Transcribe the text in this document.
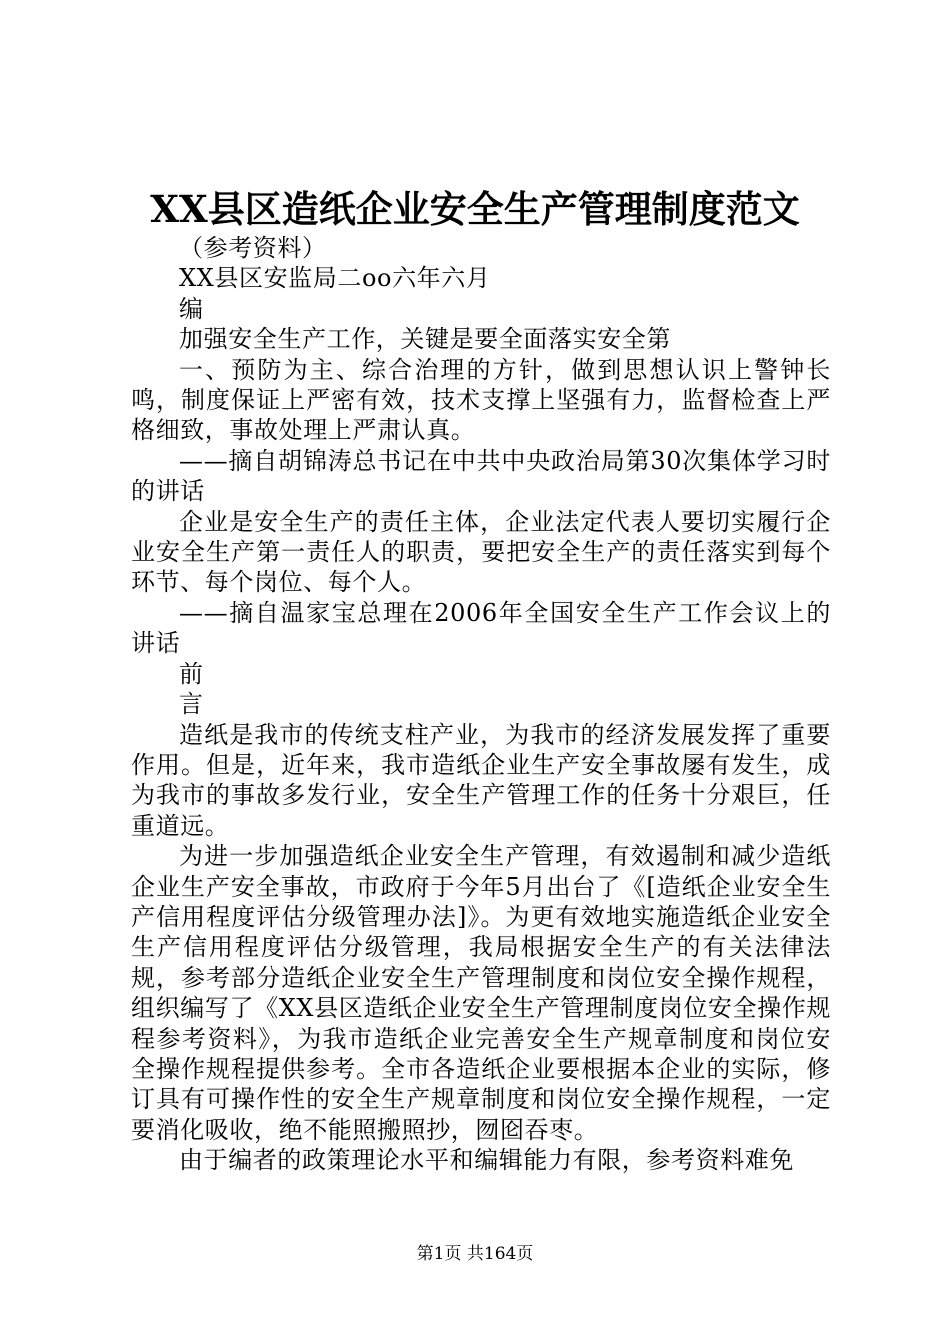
XX县区造纸企业安全生产管理制度范文

（参考资料）

XX县区安监局二oo六年六月

编

加强安全生产工作，关键是要全面落实安全第

一、预防为主、综合治理的方针，做到思想认识上警钟长鸣，制度保证上严密有效，技术支撑上坚强有力，监督检查上严格细致，事故处理上严肃认真。

——摘自胡锦涛总书记在中共中央政治局第30次集体学习时的讲话

企业是安全生产的责任主体，企业法定代表人要切实履行企业安全生产第一责任人的职责，要把安全生产的责任落实到每个环节、每个岗位、每个人。

——摘自温家宝总理在2006年全国安全生产工作会议上的讲话

前

言

造纸是我市的传统支柱产业，为我市的经济发展发挥了重要作用。但是，近年来，我市造纸企业生产安全事故屡有发生，成为我市的事故多发行业，安全生产管理工作的任务十分艰巨，任重道远。

为进一步加强造纸企业安全生产管理，有效遏制和减少造纸企业生产安全事故，市政府于今年5月出台了《[造纸企业安全生产信用程度评估分级管理办法]》。为更有效地实施造纸企业安全生产信用程度评估分级管理，我局根据安全生产的有关法律法规，参考部分造纸企业安全生产管理制度和岗位安全操作规程，组织编写了《XX县区造纸企业安全生产管理制度岗位安全操作规程参考资料》，为我市造纸企业完善安全生产规章制度和岗位安全操作规程提供参考。全市各造纸企业要根据本企业的实际，修订具有可操作性的安全生产规章制度和岗位安全操作规程，一定要消化吸收，绝不能照搬照抄，囫囵吞枣。

由于编者的政策理论水平和编辑能力有限，参考资料难免

第1页 共164页
